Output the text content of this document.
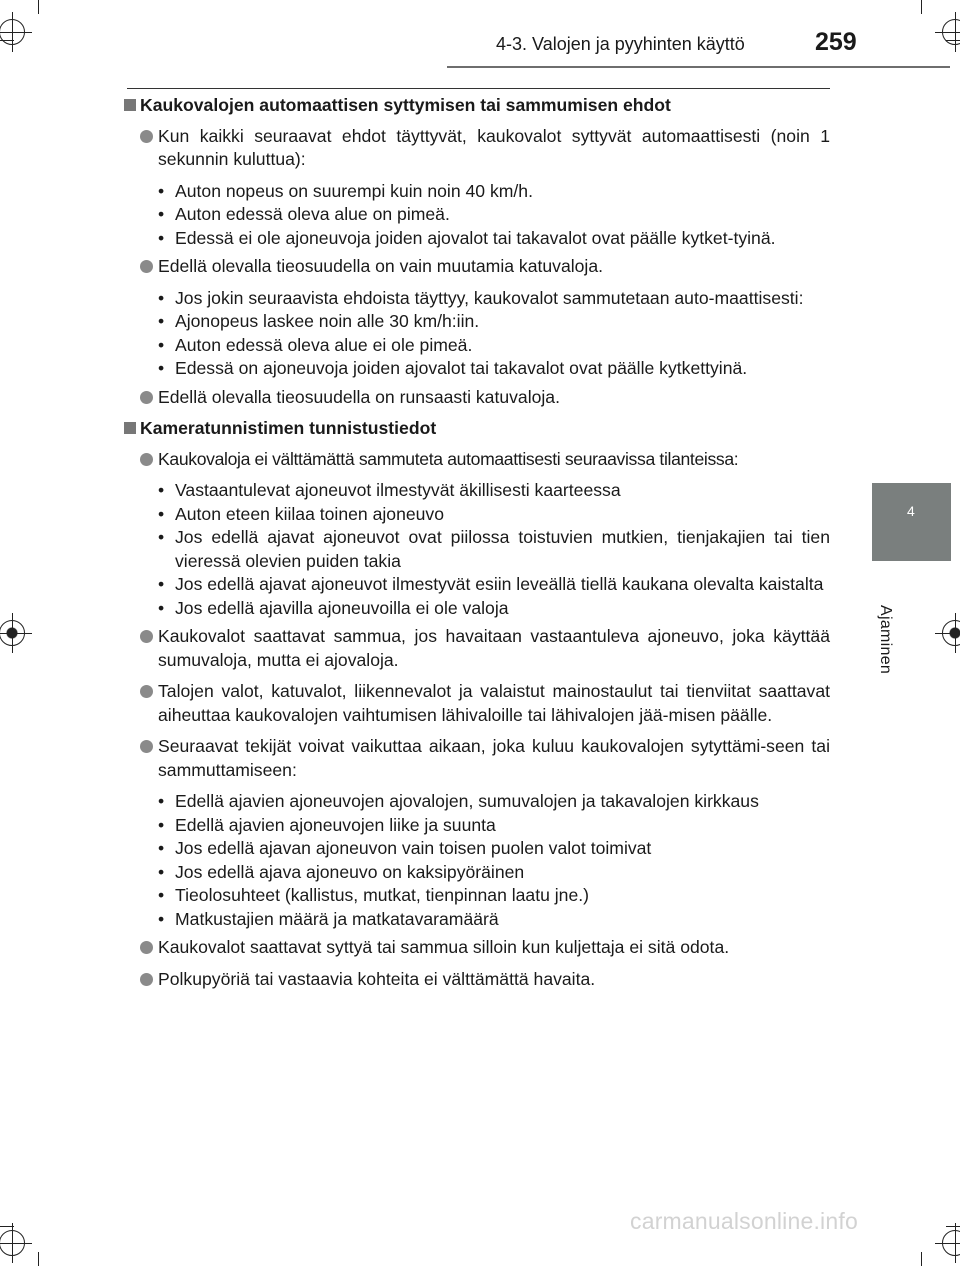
4-3. Valojen ja pyyhinten käyttö	259
4
Ajaminen
Kaukovalojen automaattisen syttymisen tai sammumisen ehdot
Kun kaikki seuraavat ehdot täyttyvät, kaukovalot syttyvät automaattisesti (noin 1 sekunnin kuluttua):
• Auton nopeus on suurempi kuin noin 40 km/h.
• Auton edessä oleva alue on pimeä.
• Edessä ei ole ajoneuvoja joiden ajovalot tai takavalot ovat päälle kytket-tyinä.
Edellä olevalla tieosuudella on vain muutamia katuvaloja.
• Jos jokin seuraavista ehdoista täyttyy, kaukovalot sammutetaan auto-maattisesti:
• Ajonopeus laskee noin alle 30 km/h:iin.
• Auton edessä oleva alue ei ole pimeä.
• Edessä on ajoneuvoja joiden ajovalot tai takavalot ovat päälle kytkettyinä.
Edellä olevalla tieosuudella on runsaasti katuvaloja.
Kameratunnistimen tunnistustiedot
Kaukovaloja ei välttämättä sammuteta automaattisesti seuraavissa tilanteissa:
• Vastaantulevat ajoneuvot ilmestyvät äkillisesti kaarteessa
• Auton eteen kiilaa toinen ajoneuvo
• Jos edellä ajavat ajoneuvot ovat piilossa toistuvien mutkien, tienjakajien tai tien vieressä olevien puiden takia
• Jos edellä ajavat ajoneuvot ilmestyvät esiin leveällä tiellä kaukana olevalta kaistalta
• Jos edellä ajavilla ajoneuvoilla ei ole valoja
Kaukovalot saattavat sammua, jos havaitaan vastaantuleva ajoneuvo, joka käyttää sumuvaloja, mutta ei ajovaloja.
Talojen valot, katuvalot, liikennevalot ja valaistut mainostaulut tai tienviitat saattavat aiheuttaa kaukovalojen vaihtumisen lähivaloille tai lähivalojen jää-misen päälle.
Seuraavat tekijät voivat vaikuttaa aikaan, joka kuluu kaukovalojen sytyttämi-seen tai sammuttamiseen:
• Edellä ajavien ajoneuvojen ajovalojen, sumuvalojen ja takavalojen kirkkaus
• Edellä ajavien ajoneuvojen liike ja suunta
• Jos edellä ajavan ajoneuvon vain toisen puolen valot toimivat
• Jos edellä ajava ajoneuvo on kaksipyöräinen
• Tieolosuhteet (kallistus, mutkat, tienpinnan laatu jne.)
• Matkustajien määrä ja matkatavaramäärä
Kaukovalot saattavat syttyä tai sammua silloin kun kuljettaja ei sitä odota.
Polkupyöriä tai vastaavia kohteita ei välttämättä havaita.
carmanualsonline.info
